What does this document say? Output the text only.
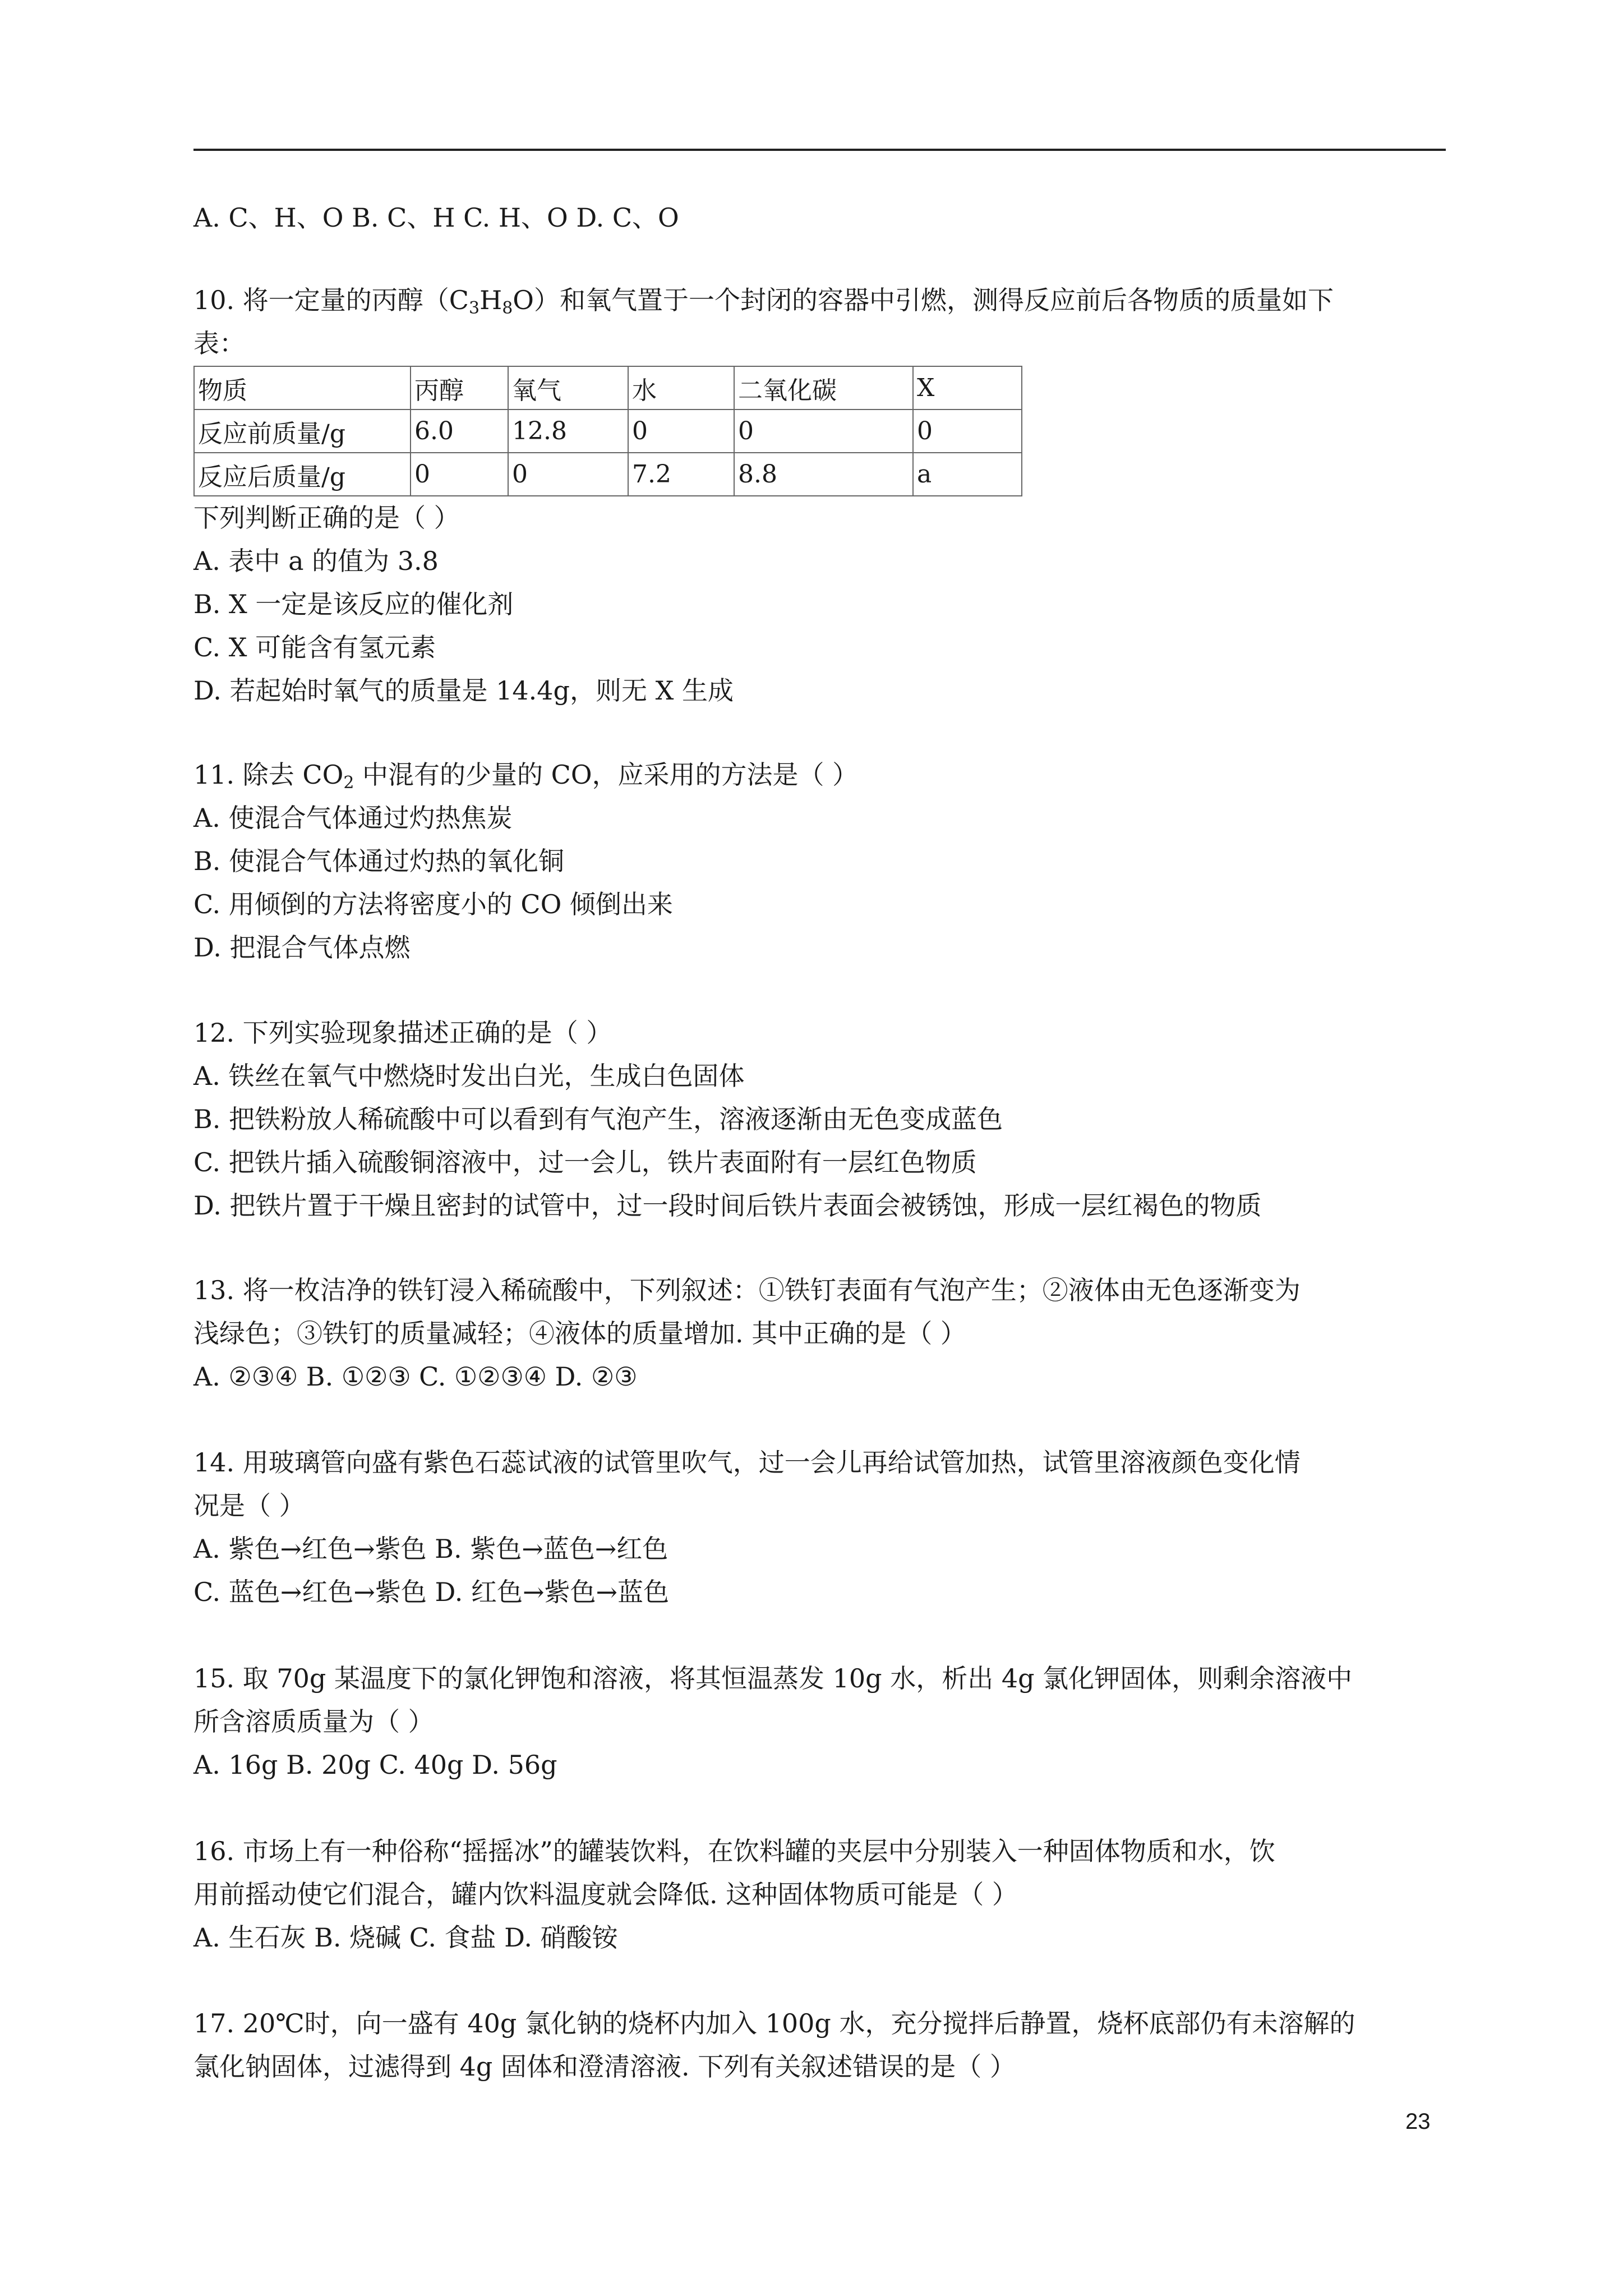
A. C、H、O B. C、H C. H、O D. C、O
10. 将一定量的丙醇$(C_3H_8O)$和氧气置于一个封闭的容器中引燃，测得反应前后各物质的质量如下
表：
物质	丙醇	氧气	水	二氧化碳	X
反应前质量/g	6.0	12.8	0	0	0
反应后质量/g	0	0	7.2	8.8	a
下列判断正确的是（ ）
A. 表中 a 的值为 3.8
B. X 一定是该反应的催化剂
C. X 可能含有氢元素
D. 若起始时氧气的质量是 14.4g，则无 X 生成
11. 除去 $CO_2$ 中混有的少量的 CO，应采用的方法是（ ）
A. 使混合气体通过灼热焦炭
B. 使混合气体通过灼热的氧化铜
C. 用倾倒的方法将密度小的 CO 倾倒出来
D. 把混合气体点燃
12. 下列实验现象描述正确的是（ ）
A. 铁丝在氧气中燃烧时发出白光，生成白色固体
B. 把铁粉放人稀硫酸中可以看到有气泡产生，溶液逐渐由无色变成蓝色
C. 把铁片插入硫酸铜溶液中，过一会儿，铁片表面附有一层红色物质
D. 把铁片置于干燥且密封的试管中，过一段时间后铁片表面会被锈蚀，形成一层红褐色的物质
13. 将一枚洁净的铁钉浸入稀硫酸中，下列叙述：①铁钉表面有气泡产生；②液体由无色逐渐变为
浅绿色；③铁钉的质量减轻；④液体的质量增加. 其中正确的是（ ）
A. ②③④ B. ①②③ C. ①②③④ D. ②③
14. 用玻璃管向盛有紫色石蕊试液的试管里吹气，过一会儿再给试管加热，试管里溶液颜色变化情
况是（ ）
A. 紫色→红色→紫色 B. 紫色→蓝色→红色
C. 蓝色→红色→紫色 D. 红色→紫色→蓝色
15. 取 70g 某温度下的氯化钾饱和溶液，将其恒温蒸发 10g 水，析出 4g 氯化钾固体，则剩余溶液中
所含溶质质量为（ ）
A. 16g B. 20g C. 40g D. 56g
16. 市场上有一种俗称“摇摇冰”的罐装饮料，在饮料罐的夹层中分别装入一种固体物质和水，饮
用前摇动使它们混合，罐内饮料温度就会降低. 这种固体物质可能是（ ）
A. 生石灰 B. 烧碱 C. 食盐 D. 硝酸铵
17. 20℃时，向一盛有 40g 氯化钠的烧杯内加入 100g 水，充分搅拌后静置，烧杯底部仍有未溶解的
氯化钠固体，过滤得到 4g 固体和澄清溶液. 下列有关叙述错误的是（ ）
23
